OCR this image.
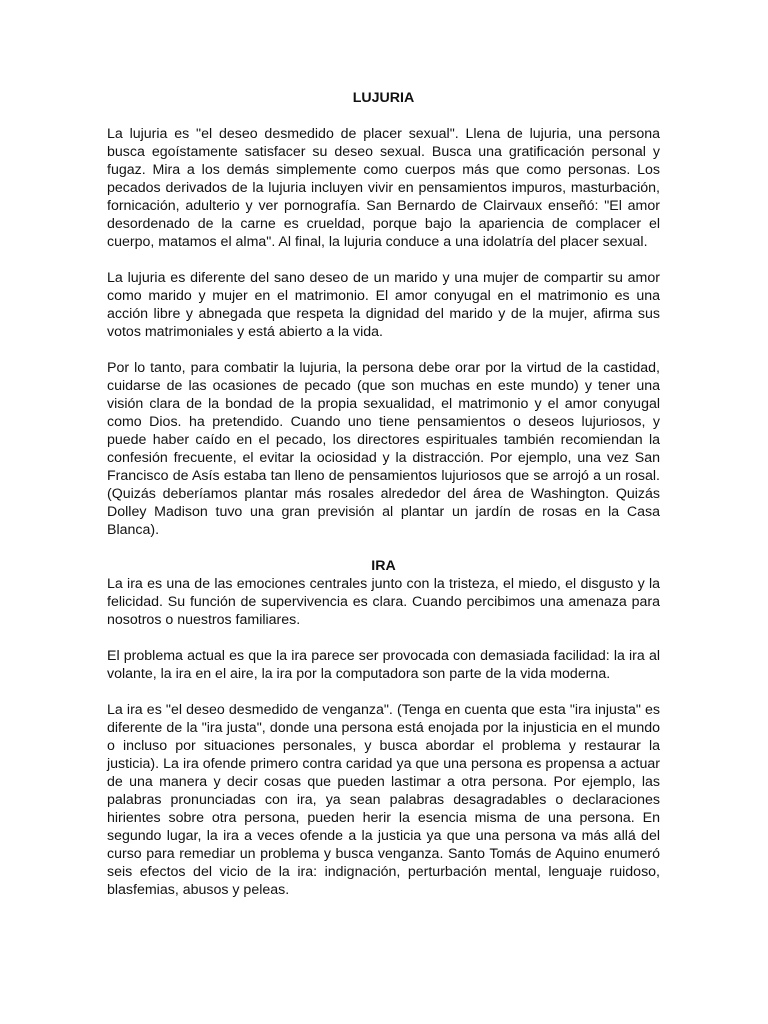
LUJURIA

La lujuria es "el deseo desmedido de placer sexual". Llena de lujuria, una persona busca egoístamente satisfacer su deseo sexual. Busca una gratificación personal y fugaz. Mira a los demás simplemente como cuerpos más que como personas. Los pecados derivados de la lujuria incluyen vivir en pensamientos impuros, masturbación, fornicación, adulterio y ver pornografía. San Bernardo de Clairvaux enseñó: "El amor desordenado de la carne es crueldad, porque bajo la apariencia de complacer el cuerpo, matamos el alma". Al final, la lujuria conduce a una idolatría del placer sexual.

La lujuria es diferente del sano deseo de un marido y una mujer de compartir su amor como marido y mujer en el matrimonio. El amor conyugal en el matrimonio es una acción libre y abnegada que respeta la dignidad del marido y de la mujer, afirma sus votos matrimoniales y está abierto a la vida.

Por lo tanto, para combatir la lujuria, la persona debe orar por la virtud de la castidad, cuidarse de las ocasiones de pecado (que son muchas en este mundo) y tener una visión clara de la bondad de la propia sexualidad, el matrimonio y el amor conyugal como Dios. ha pretendido. Cuando uno tiene pensamientos o deseos lujuriosos, y puede haber caído en el pecado, los directores espirituales también recomiendan la confesión frecuente, el evitar la ociosidad y la distracción. Por ejemplo, una vez San Francisco de Asís estaba tan lleno de pensamientos lujuriosos que se arrojó a un rosal. (Quizás deberíamos plantar más rosales alrededor del área de Washington. Quizás Dolley Madison tuvo una gran previsión al plantar un jardín de rosas en la Casa Blanca).

IRA

La ira es una de las emociones centrales junto con la tristeza, el miedo, el disgusto y la felicidad. Su función de supervivencia es clara. Cuando percibimos una amenaza para nosotros o nuestros familiares.

El problema actual es que la ira parece ser provocada con demasiada facilidad: la ira al volante, la ira en el aire, la ira por la computadora son parte de la vida moderna.

La ira es "el deseo desmedido de venganza". (Tenga en cuenta que esta "ira injusta" es diferente de la "ira justa", donde una persona está enojada por la injusticia en el mundo o incluso por situaciones personales, y busca abordar el problema y restaurar la justicia). La ira ofende primero contra caridad ya que una persona es propensa a actuar de una manera y decir cosas que pueden lastimar a otra persona. Por ejemplo, las palabras pronunciadas con ira, ya sean palabras desagradables o declaraciones hirientes sobre otra persona, pueden herir la esencia misma de una persona. En segundo lugar, la ira a veces ofende a la justicia ya que una persona va más allá del curso para remediar un problema y busca venganza. Santo Tomás de Aquino enumeró seis efectos del vicio de la ira: indignación, perturbación mental, lenguaje ruidoso, blasfemias, abusos y peleas.
